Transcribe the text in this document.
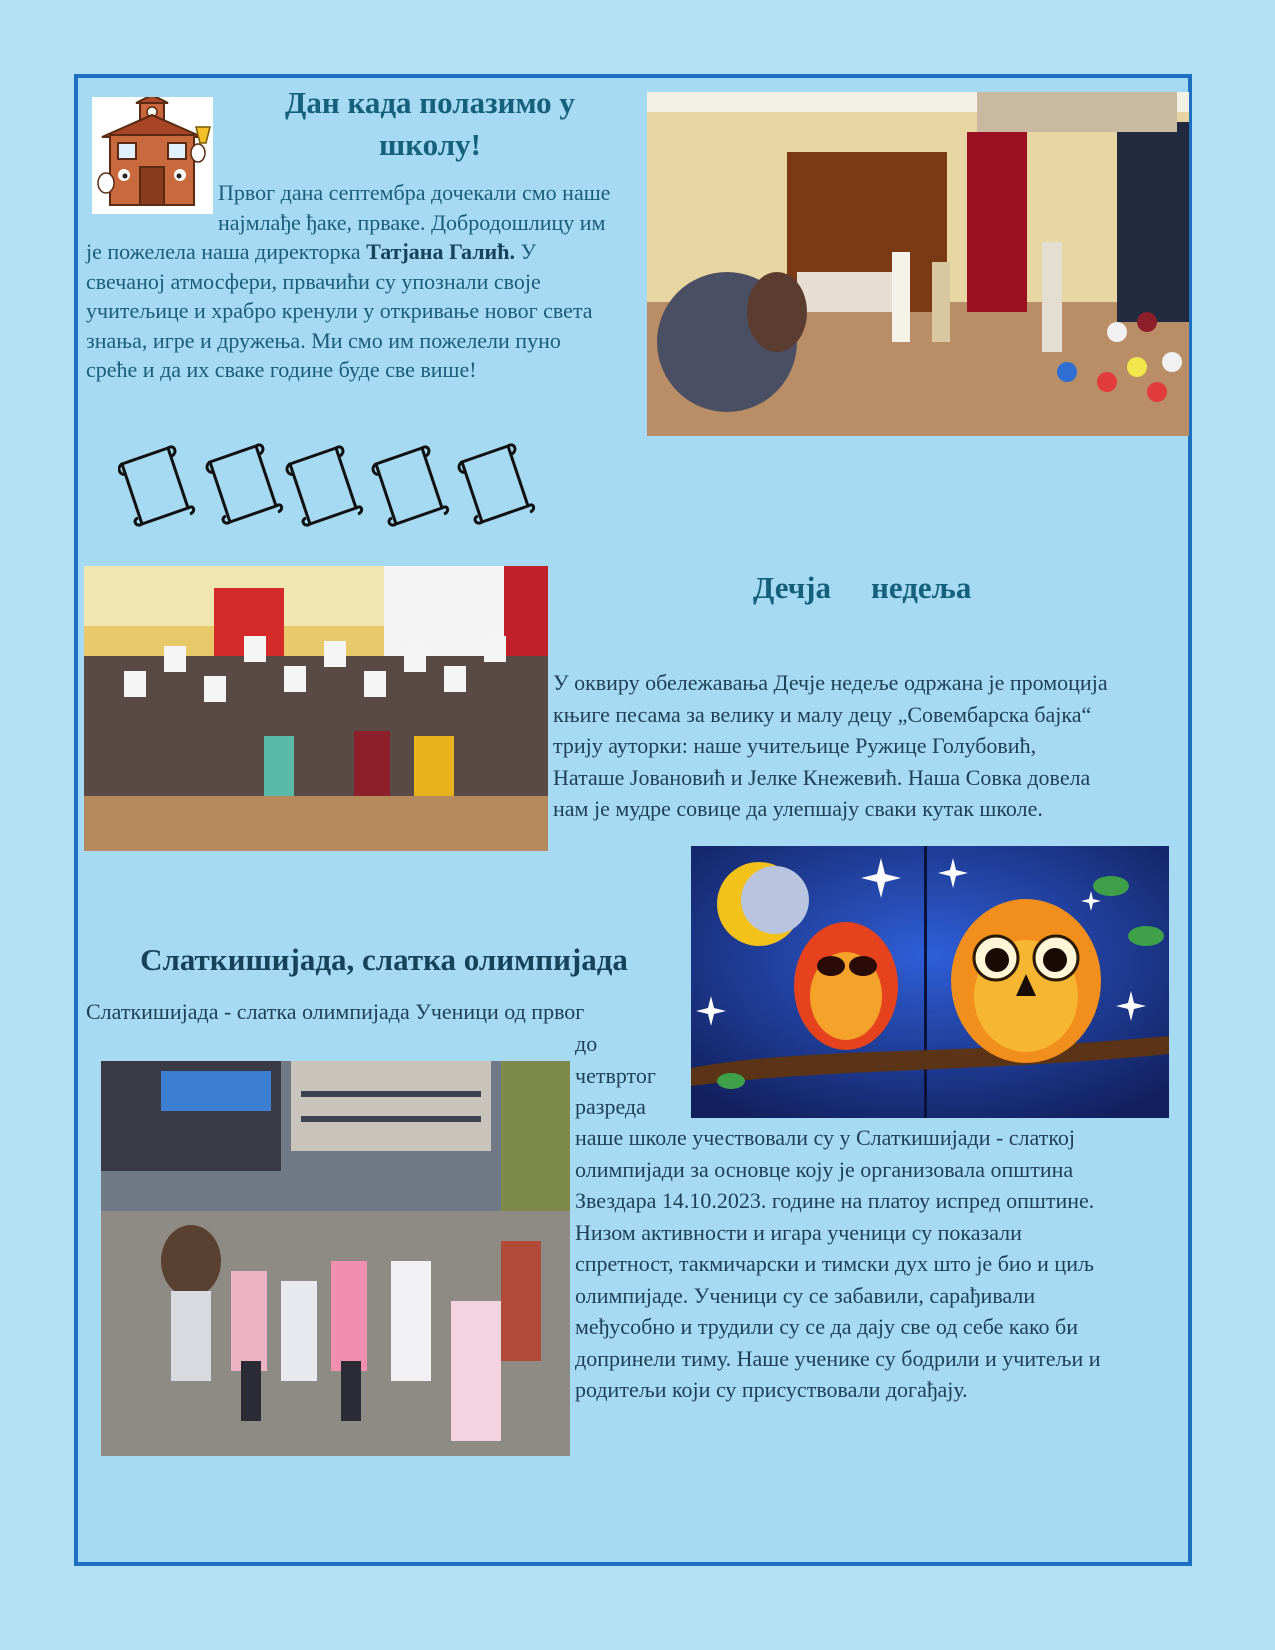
Дан када полазимо у
школу!
Првог дана септембра дочекали смо наше
најмлађе ђаке, прваке. Добродошлицу им
је пожелела наша директорка Татјана Галић. У
свечаној атмосфери, првачићи су упознали своје
учитељице и храбро кренули у откривање новог света
знања, игре и дружења. Ми смо им пожелели пуно
среће и да их сваке године буде све више!
Дечја недеља
У оквиру обележавања Дечје недеље одржана је промоција
књиге песама за велику и малу децу „Совембарска бајка“
трију ауторки: наше учитељице Ружице Голубовић,
Наташе Јовановић и Јелке Кнежевић. Наша Совка довела
нам је мудре совице да улепшају сваки кутак школе.
Слаткишијада, слатка олимпијада
Слаткишијада - слатка олимпијада Ученици од првог
до
четвртог
разреда
наше школе учествовали су у Слаткишијади - слаткој
олимпијади за основце коју је организовала општина
Звездара 14.10.2023. године на платоу испред општине.
Низом активности и игара ученици су показали
спретност, такмичарски и тимски дух што је био и циљ
олимпијаде. Ученици су се забавили, сарађивали
међусобно и трудили су се да дају све од себе како би
допринели тиму. Наше ученике су бодрили и учитељи и
родитељи који су присуствовали догађају.
